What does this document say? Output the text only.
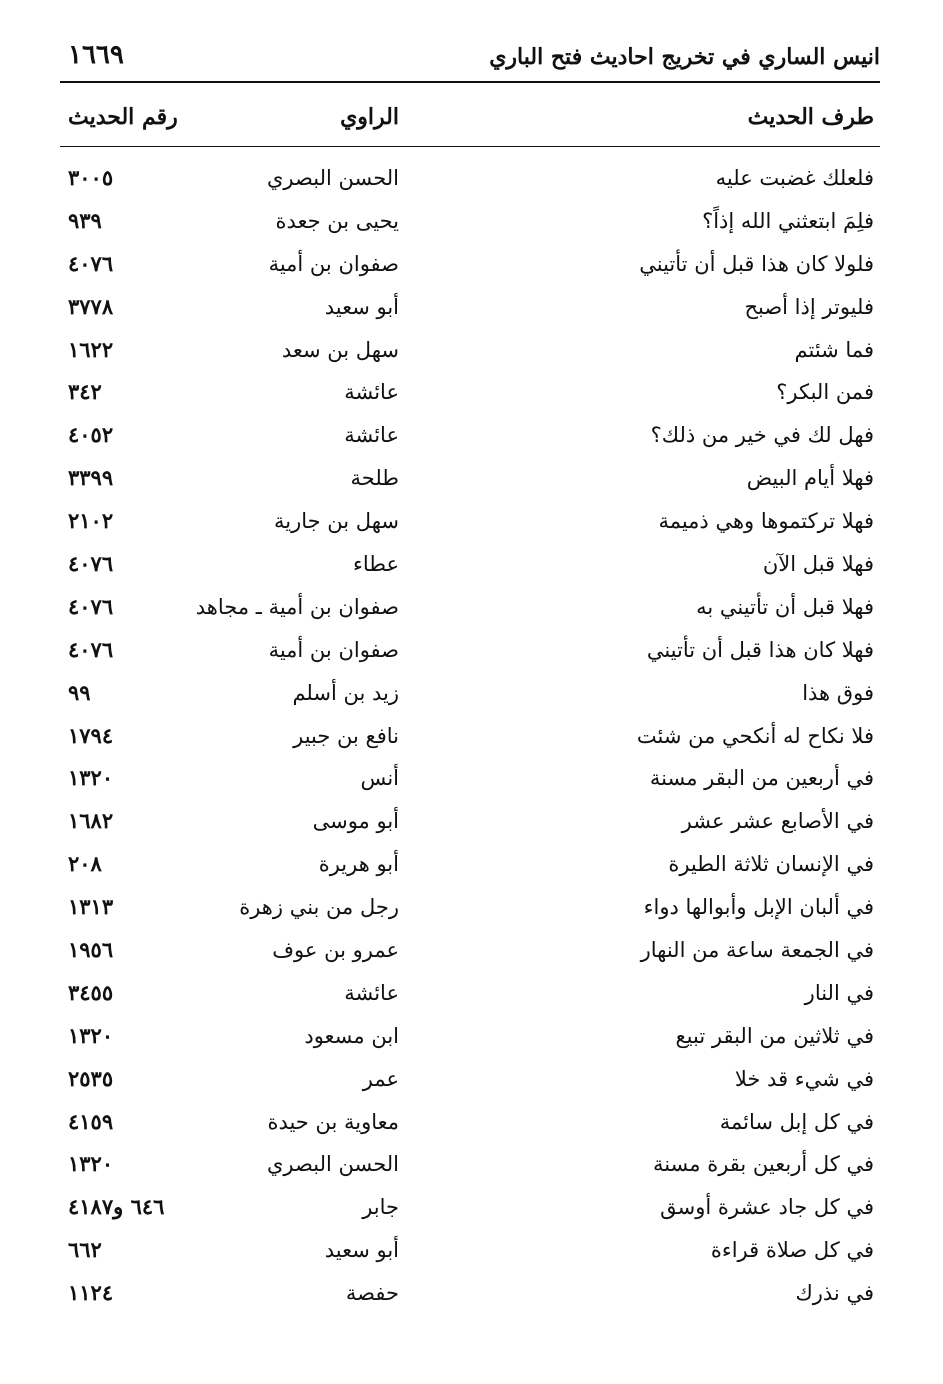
انيس الساري في تخريج احاديث فتح الباري
١٦٦٩
طرف الحديث
الراوي
رقم الحديث
فلعلك غضبت عليه
الحسن البصري
٣٠٠٥
فلِمَ ابتعثني الله إذاً؟
يحيى بن جعدة
٩٣٩
فلولا كان هذا قبل أن تأتيني
صفوان بن أمية
٤٠٧٦
فليوتر إذا أصبح
أبو سعيد
٣٧٧٨
فما شئتم
سهل بن سعد
١٦٢٢
فمن البكر؟
عائشة
٣٤٢
فهل لك في خير من ذلك؟
عائشة
٤٠٥٢
فهلا أيام البيض
طلحة
٣٣٩٩
فهلا تركتموها وهي ذميمة
سهل بن جارية
٢١٠٢
فهلا قبل الآن
عطاء
٤٠٧٦
فهلا قبل أن تأتيني به
صفوان بن أمية ـ مجاهد
٤٠٧٦
فهلا كان هذا قبل أن تأتيني
صفوان بن أمية
٤٠٧٦
فوق هذا
زيد بن أسلم
٩٩
فلا نكاح له أنكحي من شئت
نافع بن جبير
١٧٩٤
في أربعين من البقر مسنة
أنس
١٣٢٠
في الأصابع عشر عشر
أبو موسى
١٦٨٢
في الإنسان ثلاثة الطيرة
أبو هريرة
٢٠٨
في ألبان الإبل وأبوالها دواء
رجل من بني زهرة
١٣١٣
في الجمعة ساعة من النهار
عمرو بن عوف
١٩٥٦
في النار
عائشة
٣٤٥٥
في ثلاثين من البقر تبيع
ابن مسعود
١٣٢٠
في شيء قد خلا
عمر
٢٥٣٥
في كل إبل سائمة
معاوية بن حيدة
٤١٥٩
في كل أربعين بقرة مسنة
الحسن البصري
١٣٢٠
في كل جاد عشرة أوسق
جابر
٦٤٦ و٤١٨٧
في كل صلاة قراءة
أبو سعيد
٦٦٢
في نذرك
حفصة
١١٢٤
